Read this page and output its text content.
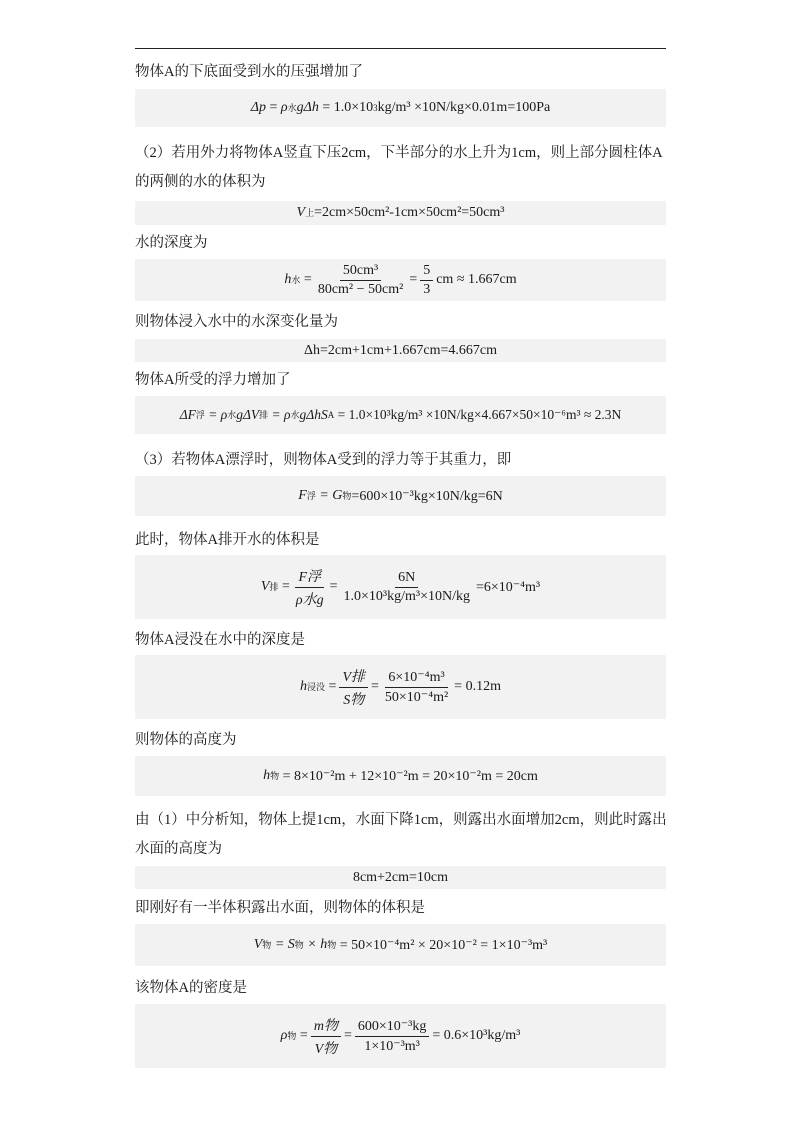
物体A的下底面受到水的压强增加了
Δp = ρ 水 g Δh
= 1.0×10 3 kg/m³ ×10N/kg×0.01m=100Pa
（2）若用外力将物体A竖直下压2cm，下半部分的水上升为1cm，则上部分圆柱体A
的两侧的水的体积为
V 上 =2cm×50cm²-1cm×50cm²=50cm³
水的深度为
h 水 = $\frac{\text{50cm³}}{\text{80cm² − 50cm²}} = \frac{5}{3}$ cm ≈ 1.667cm
则物体浸入水中的水深变化量为
Δh=2cm+1cm+1.667cm=4.667cm
物体A所受的浮力增加了
ΔF 浮
= ρ 水 gΔV 排
= ρ 水 gΔhS A
= 1.0×10³kg/m³ ×10N/kg×4.667×50×10⁻⁶m³ ≈ 2.3N
（3）若物体A漂浮时，则物体A受到的浮力等于其重力，即
F 浮
= G 物 =600×10⁻³kg×10N/kg=6N
此时，物体A排开水的体积是
V 排 = $\frac{\text{F浮}}{\text{ρ水g}} = \frac{6N}{\text{1.0×10³kg/m³×10N/kg}} =6\times 10^{-4}m^3$
物体A浸没在水中的深度是
h 浸没 = $\frac{\text{V排}}{\text{S物}} = \frac{\text{6×10⁻⁴m³}}{\text{50×10⁻⁴m²}} = 0.12m$
则物体的高度为
h 物
= 8×10⁻²m + 12×10⁻²m = 20×10⁻²m = 20cm
由（1）中分析知，物体上提1cm，水面下降1cm，则露出水面增加2cm，则此时露出
水面的高度为
8cm+2cm=10cm
即刚好有一半体积露出水面，则物体的体积是
V 物
= S 物
× h 物
= 50×10⁻⁴m² × 20×10⁻² = 1×10⁻³m³
该物体A的密度是
ρ 物 = $\frac{\text{m物}}{\text{V物}} = \frac{\text{600×10⁻³kg}}{\text{1×10⁻³m³}} = 0.6\times 10^3kg/m^3$
